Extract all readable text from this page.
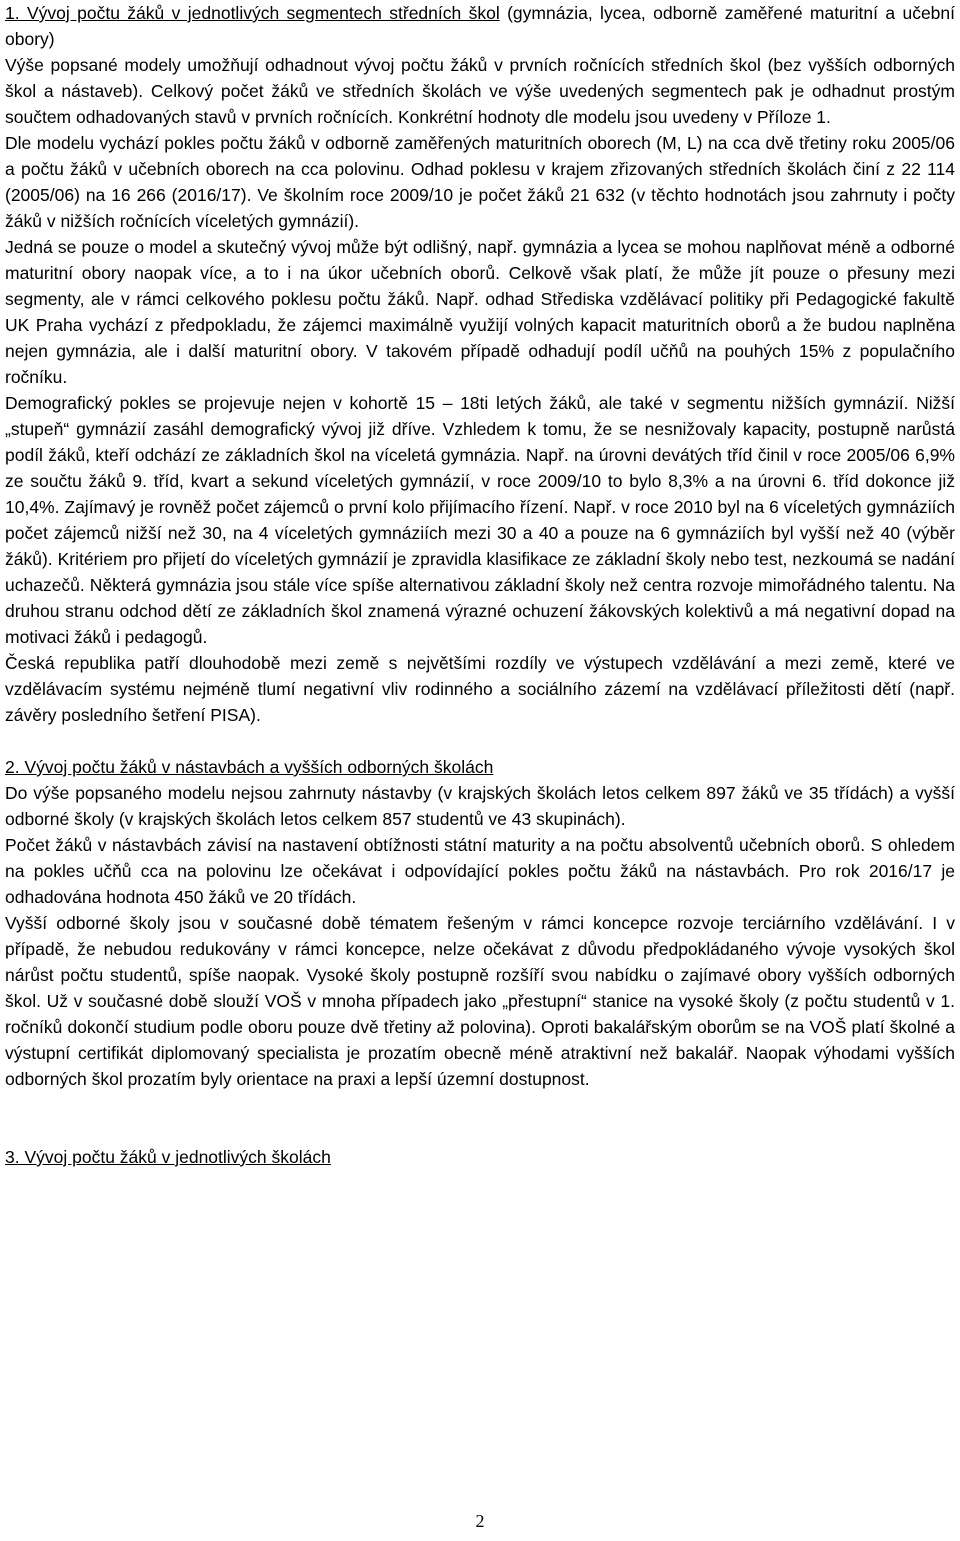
1. Vývoj počtu žáků v jednotlivých segmentech středních škol (gymnázia, lycea, odborně zaměřené maturitní a učební obory)

Výše popsané modely umožňují odhadnout vývoj počtu žáků v prvních ročnících středních škol (bez vyšších odborných škol a nástaveb). Celkový počet žáků ve středních školách ve výše uvedených segmentech pak je odhadnut prostým součtem odhadovaných stavů v prvních ročnících. Konkrétní hodnoty dle modelu jsou uvedeny v Příloze 1.

Dle modelu vychází pokles počtu žáků v odborně zaměřených maturitních oborech (M, L) na cca dvě třetiny roku 2005/06 a počtu žáků v učebních oborech na cca polovinu. Odhad poklesu v krajem zřizovaných středních školách činí z 22 114 (2005/06) na 16 266 (2016/17). Ve školním roce 2009/10 je počet žáků 21 632 (v těchto hodnotách jsou zahrnuty i počty žáků v nižších ročnících víceletých gymnázií).

Jedná se pouze o model a skutečný vývoj může být odlišný, např. gymnázia a lycea se mohou naplňovat méně a odborné maturitní obory naopak více, a to i na úkor učebních oborů. Celkově však platí, že může jít pouze o přesuny mezi segmenty, ale v rámci celkového poklesu počtu žáků. Např. odhad Střediska vzdělávací politiky při Pedagogické fakultě UK Praha vychází z předpokladu, že zájemci maximálně využijí volných kapacit maturitních oborů a že budou naplněna nejen gymnázia, ale i další maturitní obory. V takovém případě odhadují podíl učňů na pouhých 15% z populačního ročníku.

Demografický pokles se projevuje nejen v kohortě 15 – 18ti letých žáků, ale také v segmentu nižších gymnázií. Nižší „stupeň“ gymnázií zasáhl demografický vývoj již dříve. Vzhledem k tomu, že se nesnižovaly kapacity, postupně narůstá podíl žáků, kteří odchází ze základních škol na víceletá gymnázia. Např. na úrovni devátých tříd činil v roce 2005/06 6,9% ze součtu žáků 9. tříd, kvart a sekund víceletých gymnázií, v roce 2009/10 to bylo 8,3% a na úrovni 6. tříd dokonce již 10,4%. Zajímavý je rovněž počet zájemců o první kolo přijímacího řízení. Např. v roce 2010 byl na 6 víceletých gymnáziích počet zájemců nižší než 30, na 4 víceletých gymnáziích mezi 30 a 40 a pouze na 6 gymnáziích byl vyšší než 40 (výběr žáků). Kritériem pro přijetí do víceletých gymnázií je zpravidla klasifikace ze základní školy nebo test, nezkoumá se nadání uchazečů. Některá gymnázia jsou stále více spíše alternativou základní školy než centra rozvoje mimořádného talentu. Na druhou stranu odchod dětí ze základních škol znamená výrazné ochuzení žákovských kolektivů a má negativní dopad na motivaci žáků i pedagogů.

Česká republika patří dlouhodobě mezi země s největšími rozdíly ve výstupech vzdělávání a mezi země, které ve vzdělávacím systému nejméně tlumí negativní vliv rodinného a sociálního zázemí na vzdělávací příležitosti dětí (např. závěry posledního šetření PISA).

2. Vývoj počtu žáků v nástavbách a vyšších odborných školách

Do výše popsaného modelu nejsou zahrnuty nástavby (v krajských školách letos celkem 897 žáků ve 35 třídách) a vyšší odborné školy (v krajských školách letos celkem 857 studentů ve 43 skupinách).

Počet žáků v nástavbách závisí na nastavení obtížnosti státní maturity a na počtu absolventů učebních oborů. S ohledem na pokles učňů cca na polovinu lze očekávat i odpovídající pokles počtu žáků na nástavbách. Pro rok 2016/17 je odhadována hodnota 450 žáků ve 20 třídách.

Vyšší odborné školy jsou v současné době tématem řešeným v rámci koncepce rozvoje terciárního vzdělávání. I v případě, že nebudou redukovány v rámci koncepce, nelze očekávat z důvodu předpokládaného vývoje vysokých škol nárůst počtu studentů, spíše naopak. Vysoké školy postupně rozšíří svou nabídku o zajímavé obory vyšších odborných škol. Už v současné době slouží VOŠ v mnoha případech jako „přestupní“ stanice na vysoké školy (z počtu studentů v 1. ročníků dokončí studium podle oboru pouze dvě třetiny až polovina). Oproti bakalářským oborům se na VOŠ platí školné a výstupní certifikát diplomovaný specialista je prozatím obecně méně atraktivní než bakalář. Naopak výhodami vyšších odborných škol prozatím byly orientace na praxi a lepší územní dostupnost.

3. Vývoj počtu žáků v jednotlivých školách

2
